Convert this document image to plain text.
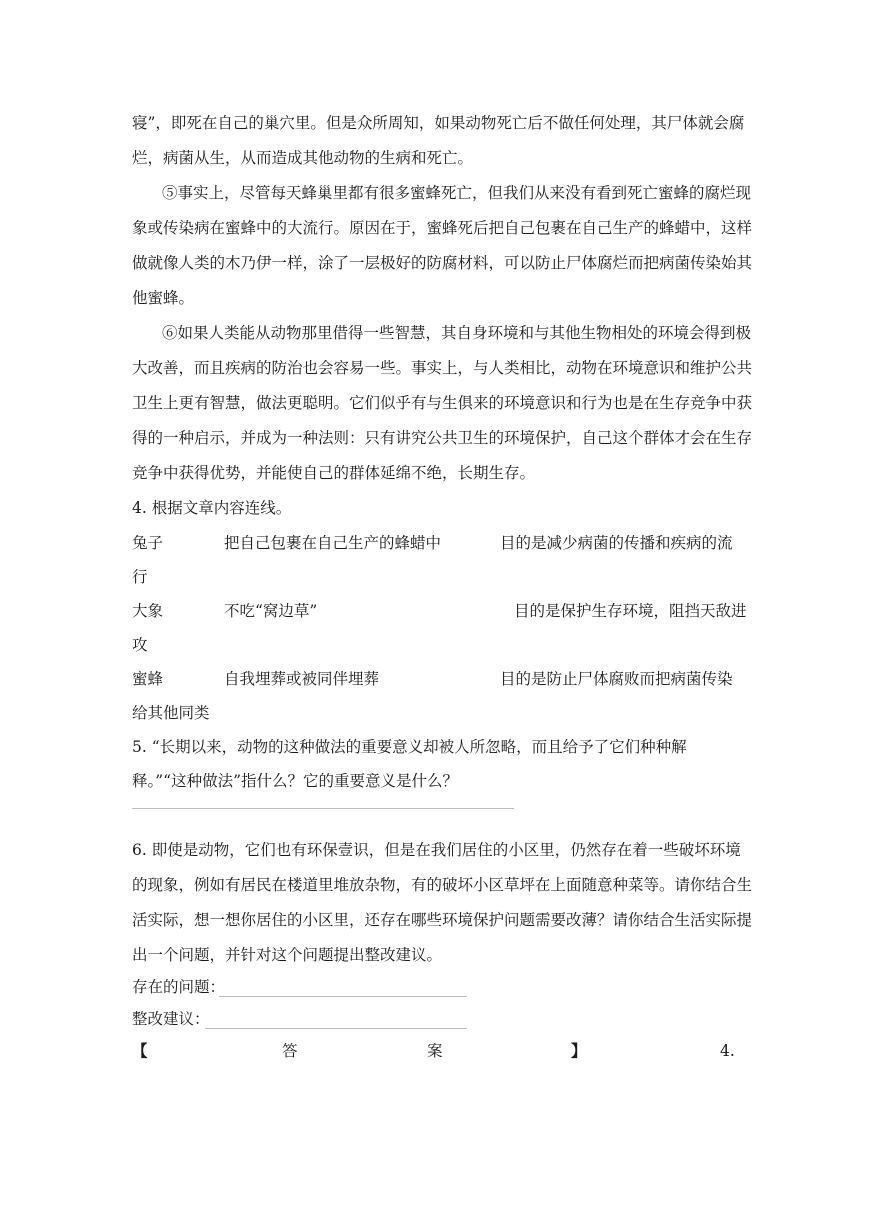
寝”，即死在自己的巢穴里。但是众所周知，如果动物死亡后不做任何处理，其尸体就会腐
烂，病菌从生，从而造成其他动物的生病和死亡。
⑤事实上，尽管每天蜂巢里都有很多蜜蜂死亡，但我们从来没有看到死亡蜜蜂的腐烂现
象或传染病在蜜蜂中的大流行。原因在于，蜜蜂死后把自己包裹在自己生产的蜂蜡中，这样
做就像人类的木乃伊一样，涂了一层极好的防腐材料，可以防止尸体腐烂而把病菌传染始其
他蜜蜂。
⑥如果人类能从动物那里借得一些智慧，其自身环境和与其他生物相处的环境会得到极
大改善，而且疾病的防治也会容易一些。事实上，与人类相比，动物在环境意识和维护公共
卫生上更有智慧，做法更聪明。它们似乎有与生俱来的环境意识和行为也是在生存竞争中获
得的一种启示，并成为一种法则：只有讲究公共卫生的环境保护，自己这个群体才会在生存
竞争中获得优势，并能使自己的群体延绵不绝，长期生存。
4. 根据文章内容连线。
兔子	把自己包裹在自己生产的蜂蜡中	目的是减少病菌的传播和疾病的流
行
大象	不吃“窝边草”	目的是保护生存环境，阻挡天敌进
攻
蜜蜂	自我埋葬或被同伴埋葬	目的是防止尸体腐败而把病菌传染
给其他同类
5. “长期以来，动物的这种做法的重要意义却被人所忽略，而且给予了它们种种解
释。”“这种做法”指什么？它的重要意义是什么？
6. 即使是动物，它们也有环保壹识，但是在我们居住的小区里，仍然存在着一些破坏环境
的现象，例如有居民在楼道里堆放杂物，有的破坏小区草坪在上面随意种菜等。请你结合生
活实际，想一想你居住的小区里，还存在哪些环境保护问题需要改薄？请你结合生活实际提
出一个问题，并针对这个问题提出整改建议。
存在的问题：
整改建议：
【	答	案	】	4.
